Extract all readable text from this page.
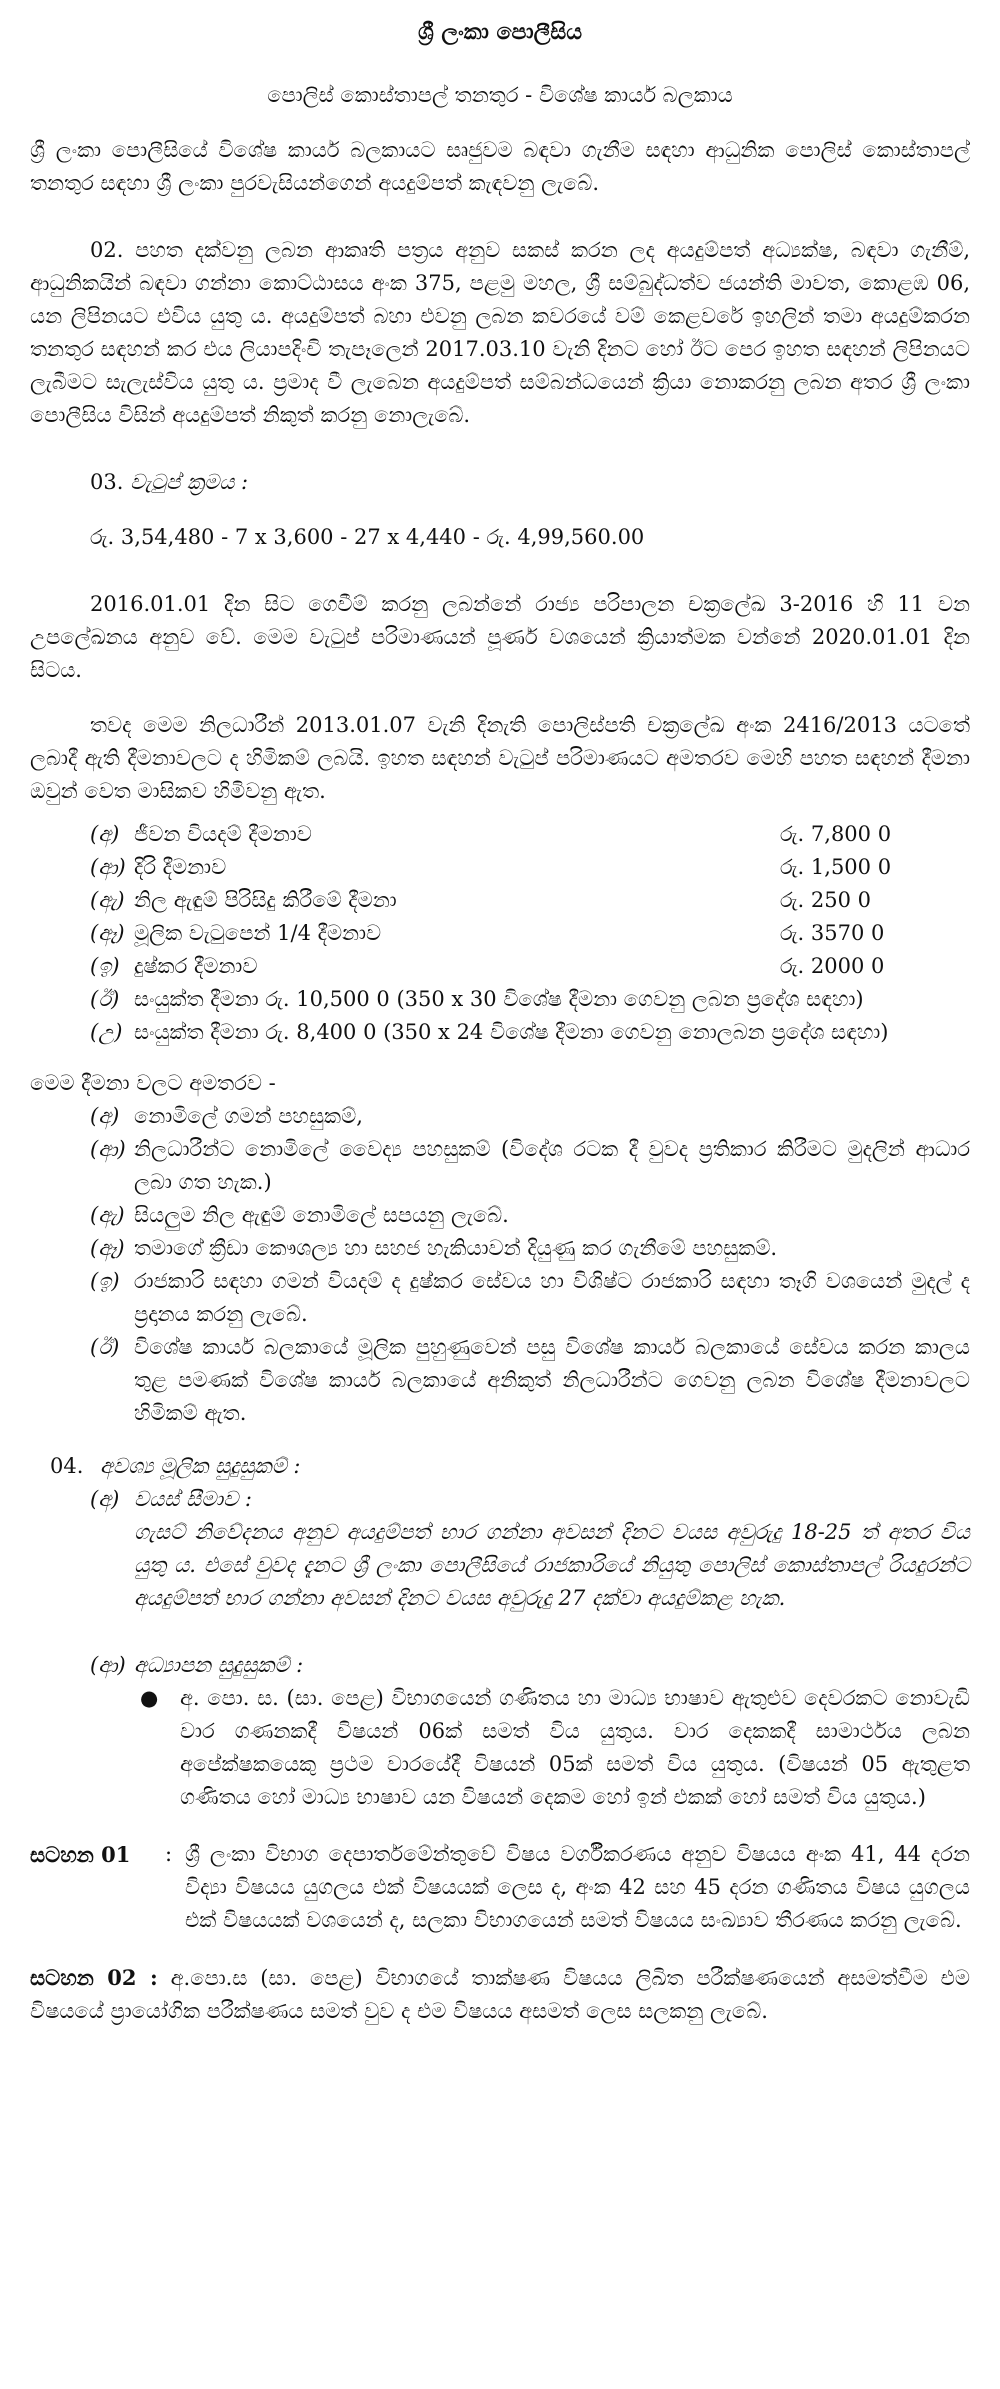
ශ්‍රී ලංකා පොලීසිය
පොලිස් කොස්තාපල් තනතුර - විශේෂ කාර්ය බලකාය

ශ්‍රී ලංකා පොලීසියේ විශේෂ කාර්ය බලකායට සෘජුවම බඳවා ගැනීම සඳහා ආධුනික පොලිස් කොස්තාපල් තනතුර සඳහා ශ්‍රී ලංකා පුරවැසියන්ගෙන් අයදුම්පත් කැඳවනු ලැබේ.

02. පහත දක්වනු ලබන ආකෘති පත්‍රය අනුව සකස් කරන ලද අයදුම්පත් අධ්‍යක්ෂ, බඳවා ගැනීම්, ආධුනිකයින් බඳවා ගන්නා කොට්ඨාසය අංක 375, පළමු මහල, ශ්‍රී සම්බුද්ධත්ව ජයන්ති මාවත, කොළඹ 06, යන ලිපිනයට එවිය යුතු ය. අයදුම්පත් බහා එවනු ලබන කවරයේ වම් කෙළවරේ ඉහලින් තමා අයදුම්කරන තනතුර සඳහන් කර එය ලියාපදිංචි තැපෑලෙන් 2017.03.10 වැනි දිනට හෝ ඊට පෙර ඉහත සඳහන් ලිපිනයට ලැබීමට සැලැස්විය යුතු ය. ප්‍රමාද වී ලැබෙන අයදුම්පත් සම්බන්ධයෙන් ක්‍රියා නොකරනු ලබන අතර ශ්‍රී ලංකා පොලීසිය විසින් අයදුම්පත් නිකුත් කරනු නොලැබේ.

03. වැටුප් ක්‍රමය :
රු. 3,54,480 - 7 x 3,600 - 27 x 4,440 - රු. 4,99,560.00

2016.01.01 දින සිට ගෙවීම් කරනු ලබන්නේ රාජ්‍ය පරිපාලන චක්‍රලේඛ 3-2016 හි 11 වන උපලේඛනය අනුව වේ. මෙම වැටුප් පරිමාණයන් පූර්ණ වශයෙන් ක්‍රියාත්මක වන්නේ 2020.01.01 දින සිටය.

තවද මෙම නිලධාරීන් 2013.01.07 වැනි දිනැති පොලිස්පති චක්‍රලේඛ අංක 2416/2013 යටතේ ලබාදී ඇති දීමනාවලට ද හිමිකම් ලබයි. ඉහත සඳහන් වැටුප් පරිමාණයට අමතරව මෙහි පහත සඳහන් දීමනා ඔවුන් වෙත මාසිකව හිමිවනු ඇත.

(අ) ජීවන වියදම් දීමනාව	රු. 7,800 0
(ආ) දිරි දීමනාව	රු. 1,500 0
(ඇ) නිල ඇඳුම් පිරිසිදු කිරීමේ දීමනා	රු. 250 0
(ඈ) මූලික වැටුපෙන් 1/4 දීමනාව	රු. 3570 0
(ඉ) දුෂ්කර දීමනාව	රු. 2000 0
(ඊ) සංයුක්ත දීමනා රු. 10,500 0 (350 x 30 විශේෂ දීමනා ගෙවනු ලබන ප්‍රදේශ සඳහා)
(උ) සංයුක්ත දීමනා රු. 8,400 0 (350 x 24 විශේෂ දීමනා ගෙවනු නොලබන ප්‍රදේශ සඳහා)
මෙම දීමනා වලට අමතරව -
(අ) නොමිලේ ගමන් පහසුකම්,
(ආ) නිලධාරීන්ට නොමිලේ වෛද්‍ය පහසුකම් (විදේශ රටක දී වුවද ප්‍රතිකාර කිරීමට මුදලින් ආධාර ලබා ගත හැක.)
(ඇ) සියලුම නිල ඇඳුම් නොමිලේ සපයනු ලැබේ.
(ඈ) තමාගේ ක්‍රීඩා කෞශල්‍ය හා සහජ හැකියාවන් දියුණු කර ගැනීමේ පහසුකම්.
(ඉ) රාජකාරි සඳහා ගමන් වියදම් ද දුෂ්කර සේවය හා විශිෂ්ට රාජකාරි සඳහා තෑගි වශයෙන් මුදල් ද ප්‍රදානය කරනු ලැබේ.
(ඊ) විශේෂ කාර්ය බලකායේ මූලික පුහුණුවෙන් පසු විශේෂ කාර්ය බලකායේ සේවය කරන කාලය තුළ පමණක් විශේෂ කාර්ය බලකායේ අනිකුත් නිලධාරීන්ට ගෙවනු ලබන විශේෂ දීමනාවලට හිමිකම් ඇත.
04. අවශ්‍ය මූලික සුදුසුකම් :
(අ) වයස් සීමාව :
ගැසට් නිවේදනය අනුව අයදුම්පත් භාර ගන්නා අවසන් දිනට වයස අවුරුදු 18-25 ත් අතර විය යුතු ය. එසේ වුවද දැනට ශ්‍රී ලංකා පොලීසියේ රාජකාරියේ නියුතු පොලිස් කොස්තාපල් රියදුරන්ට අයදුම්පත් භාර ගන්නා අවසන් දිනට වයස අවුරුදු 27 දක්වා අයදුම්කළ හැක.
(ආ) අධ්‍යාපන සුදුසුකම් :
●	අ. පො. ස. (සා. පෙළ) විභාගයෙන් ගණිතය හා මාධ්‍ය භාෂාව ඇතුළුව දෙවරකට නොවැඩි වාර ගණනකදී විෂයන් 06ක් සමත් විය යුතුය. වාර දෙකකදී සාමාර්ථය ලබන අපේක්ෂකයෙකු ප්‍රථම වාරයේදී විෂයන් 05ක් සමත් විය යුතුය. (විෂයන් 05 ඇතුළත ගණිතය හෝ මාධ්‍ය භාෂාව යන විෂයන් දෙකම හෝ ඉන් එකක් හෝ සමත් විය යුතුය.)
සටහන 01	: ශ්‍රී ලංකා විභාග දෙපාර්තමේන්තුවේ විෂය වර්ගීකරණය අනුව විෂයය අංක 41, 44 දරන විද්‍යා විෂයය යුගලය එක් විෂයයක් ලෙස ද, අංක 42 සහ 45 දරන ගණිතය විෂය යුගලය එක් විෂයයක් වශයෙන් ද, සලකා විභාගයෙන් සමත් විෂයය සංඛ්‍යාව තීරණය කරනු ලැබේ.
සටහන 02 : අ.පො.ස (සා. පෙළ) විභාගයේ තාක්ෂණ විෂයය ලිඛිත පරීක්ෂණයෙන් අසමත්වීම එම විෂයයේ ප්‍රායෝගික පරීක්ෂණය සමත් වුව ද එම විෂයය අසමත් ලෙස සලකනු ලැබේ.
